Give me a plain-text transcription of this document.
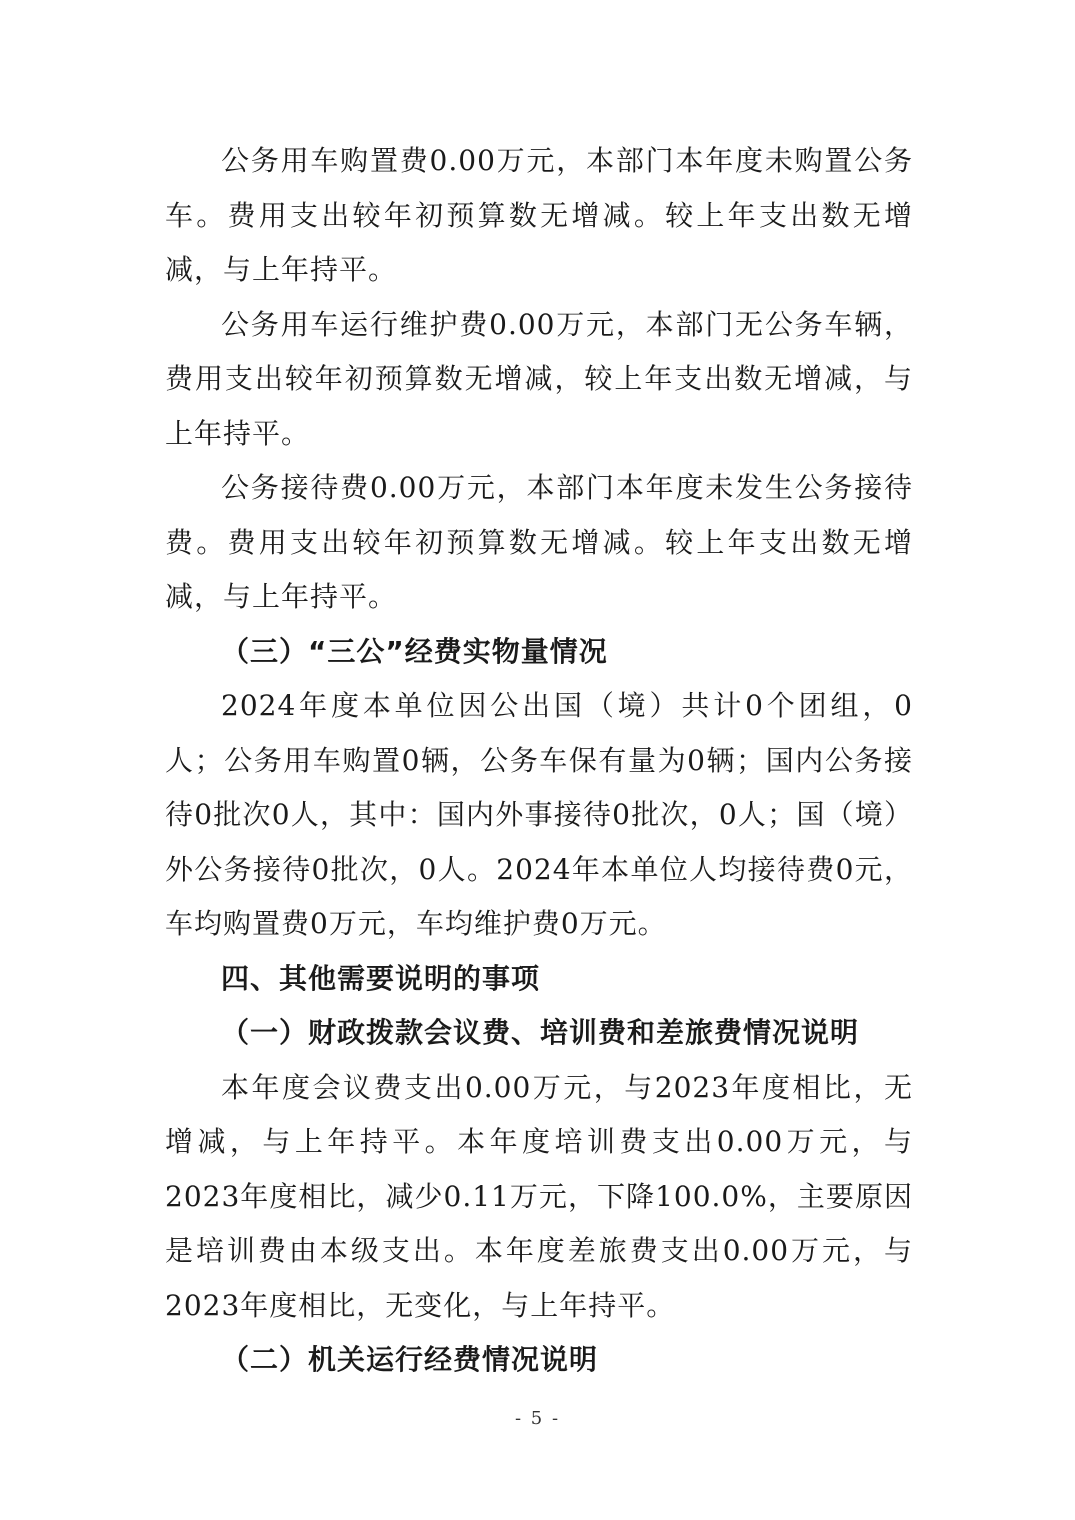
公务用车购置费0.00万元，本部门本年度未购置公务车。费用支出较年初预算数无增减。较上年支出数无增减，与上年持平。

公务用车运行维护费0.00万元，本部门无公务车辆，费用支出较年初预算数无增减，较上年支出数无增减，与上年持平。

公务接待费0.00万元，本部门本年度未发生公务接待费。费用支出较年初预算数无增减。较上年支出数无增减，与上年持平。

（三）“三公”经费实物量情况

2024年度本单位因公出国（境）共计0个团组，0人；公务用车购置0辆，公务车保有量为0辆；国内公务接待0批次0人，其中：国内外事接待0批次，0人；国（境）外公务接待0批次，0人。2024年本单位人均接待费0元，车均购置费0万元，车均维护费0万元。

四、其他需要说明的事项

（一）财政拨款会议费、培训费和差旅费情况说明

本年度会议费支出0.00万元，与2023年度相比，无增减，与上年持平。本年度培训费支出0.00万元，与2023年度相比，减少0.11万元，下降100.0%，主要原因是培训费由本级支出。本年度差旅费支出0.00万元，与2023年度相比，无变化，与上年持平。

（二）机关运行经费情况说明

- 5 -
